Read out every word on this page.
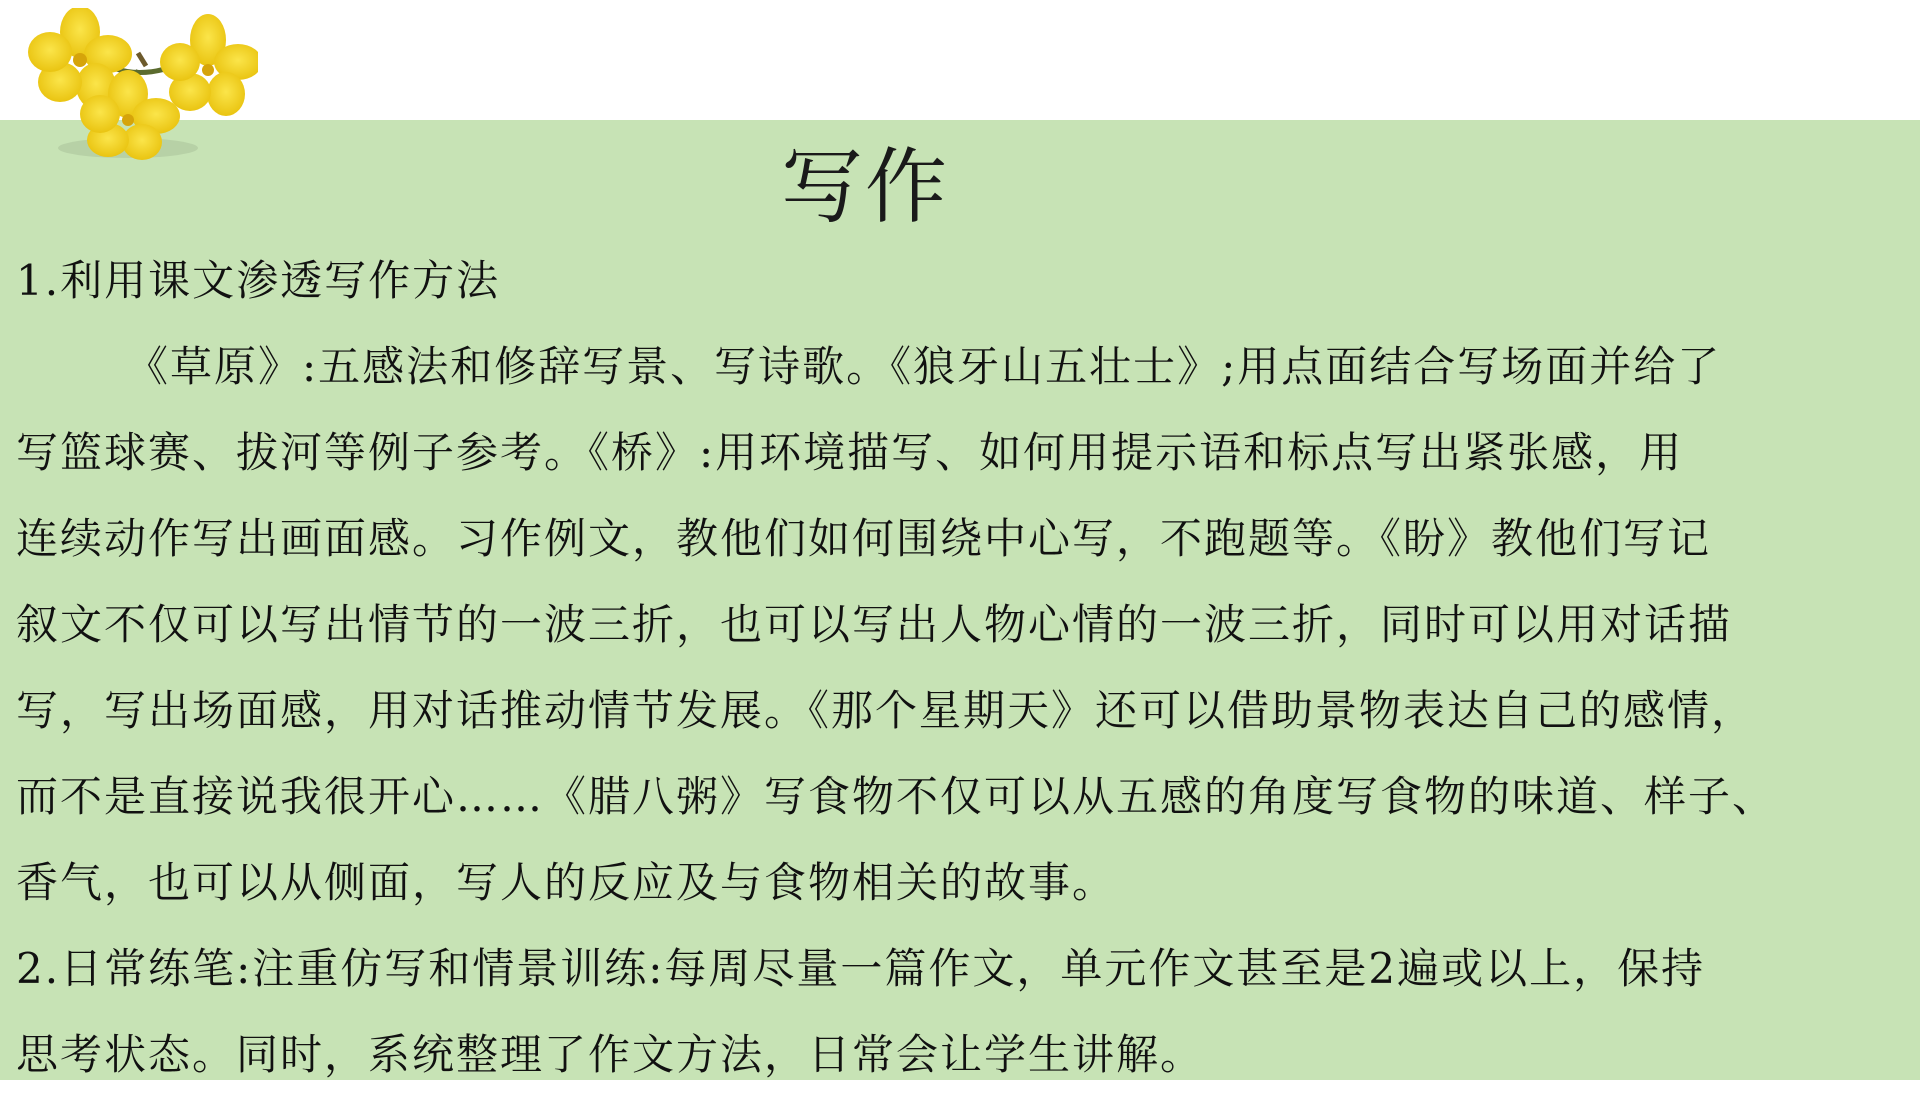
写作

1.利用课文渗透写作方法

《草原》:五感法和修辞写景、写诗歌。《狼牙山五壮士》;用点面结合写场面并给了

写篮球赛、拔河等例子参考。《桥》:用环境描写、如何用提示语和标点写出紧张感，用

连续动作写出画面感。习作例文，教他们如何围绕中心写，不跑题等。《盼》教他们写记

叙文不仅可以写出情节的一波三折，也可以写出人物心情的一波三折，同时可以用对话描

写，写出场面感，用对话推动情节发展。《那个星期天》还可以借助景物表达自己的感情，

而不是直接说我很开心……《腊八粥》写食物不仅可以从五感的角度写食物的味道、样子、

香气，也可以从侧面，写人的反应及与食物相关的故事。

2.日常练笔:注重仿写和情景训练:每周尽量一篇作文，单元作文甚至是2遍或以上，保持

思考状态。同时，系统整理了作文方法，日常会让学生讲解。
